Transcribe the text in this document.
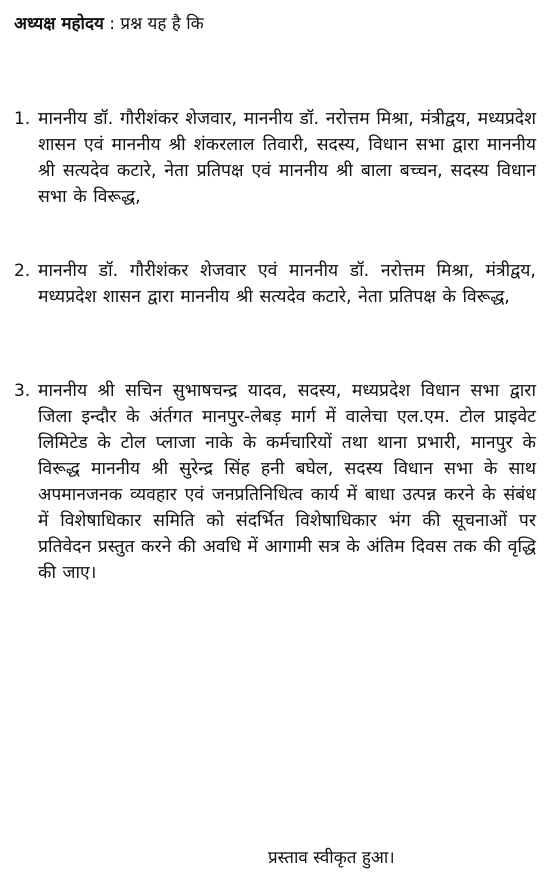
अध्यक्ष महोदय : प्रश्न यह है कि
1. माननीय डॉ. गौरीशंकर शेजवार, माननीय डॉ. नरोत्तम मिश्रा, मंत्रीद्वय, मध्यप्रदेश शासन एवं माननीय श्री शंकरलाल तिवारी, सदस्य, विधान सभा द्वारा माननीय श्री सत्यदेव कटारे, नेता प्रतिपक्ष एवं माननीय श्री बाला बच्चन, सदस्य विधान सभा के विरूद्ध,
2. माननीय डॉ. गौरीशंकर शेजवार एवं माननीय डॉ. नरोत्तम मिश्रा, मंत्रीद्वय, मध्यप्रदेश शासन द्वारा माननीय श्री सत्यदेव कटारे, नेता प्रतिपक्ष के विरूद्ध,
3. माननीय श्री सचिन सुभाषचन्द्र यादव, सदस्य, मध्यप्रदेश विधान सभा द्वारा जिला इन्दौर के अंर्तगत मानपुर-लेबड़ मार्ग में वालेचा एल.एम. टोल प्राइवेट लिमिटेड के टोल प्लाजा नाके के कर्मचारियों तथा थाना प्रभारी, मानपुर के विरूद्ध माननीय श्री सुरेन्द्र सिंह हनी बघेल, सदस्य विधान सभा के साथ अपमानजनक व्यवहार एवं जनप्रतिनिधित्व कार्य में बाधा उत्पन्न करने के संबंध में विशेषाधिकार समिति को संदर्भित विशेषाधिकार भंग की सूचनाओं पर प्रतिवेदन प्रस्तुत करने की अवधि में आगामी सत्र के अंतिम दिवस तक की वृद्धि की जाए।
प्रस्ताव स्वीकृत हुआ।
